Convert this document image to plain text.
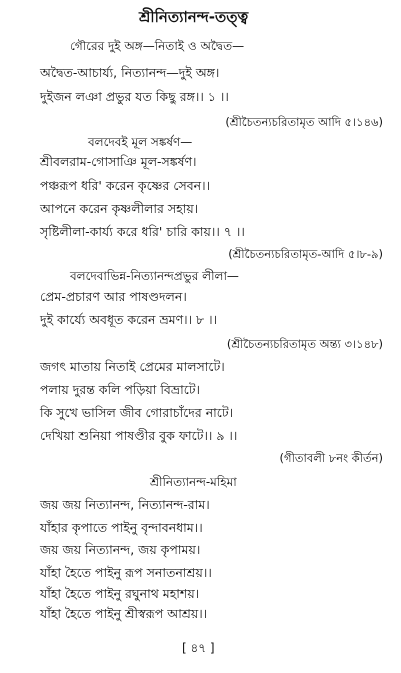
শ্রীনিত্যানন্দ-তত্ত্ব
গৌরের দুই অঙ্গ—নিতাই ও অদ্বৈত—
অদ্বৈত-আচার্য্য, নিত্যানন্দ—দুই অঙ্গ।
দুইজন লঞা প্রভুর যত কিছু রঙ্গ।। ১ ।।
(শ্রীচৈতন্যচরিতামৃত আদি ৫।১৪৬)
বলদেবই মূল সঙ্কর্ষণ—
শ্রীবলরাম-গোসাঞি মূল-সঙ্কর্ষণ।
পঞ্চরূপ ধরি' করেন কৃষ্ণের সেবন।।
আপনে করেন কৃষ্ণলীলার সহায়।
সৃষ্টিলীলা-কার্য্য করে ধরি' চারি কায়।। ৭ ।।
(শ্রীচৈতন্যচরিতামৃত-আদি ৫।৮-৯)
বলদেবাভিন্ন-নিত্যানন্দপ্রভুর লীলা—
প্রেম-প্রচারণ আর পাষণ্ডদলন।
দুই কার্য্যে অবধূত করেন ভ্রমণ।। ৮ ।।
(শ্রীচৈতন্যচরিতামৃত অন্ত্য ৩।১৪৮)
জগৎ মাতায় নিতাই প্রেমের মালসাটে।
পলায় দুরন্ত কলি পড়িয়া বিভ্রাটে।
কি সুখে ভাসিল জীব গোরাচাঁদের নাটে।
দেখিয়া শুনিয়া পাষণ্ডীর বুক ফাটে।। ৯ ।।
(গীতাবলী ৮নং কীর্তন)
শ্রীনিত্যানন্দ-মহিমা
জয় জয় নিত্যানন্দ, নিত্যানন্দ-রাম।
যাঁহার কৃপাতে পাইনু বৃন্দাবনধাম।।
জয় জয় নিত্যানন্দ, জয় কৃপাময়।
যাঁহা হৈতে পাইনু রূপ সনাতনাশ্রয়।।
যাঁহা হৈতে পাইনু রঘুনাথ মহাশয়।
যাঁহা হৈতে পাইনু শ্রীস্বরূপ আশ্রয়।।
[ ৪৭ ]
